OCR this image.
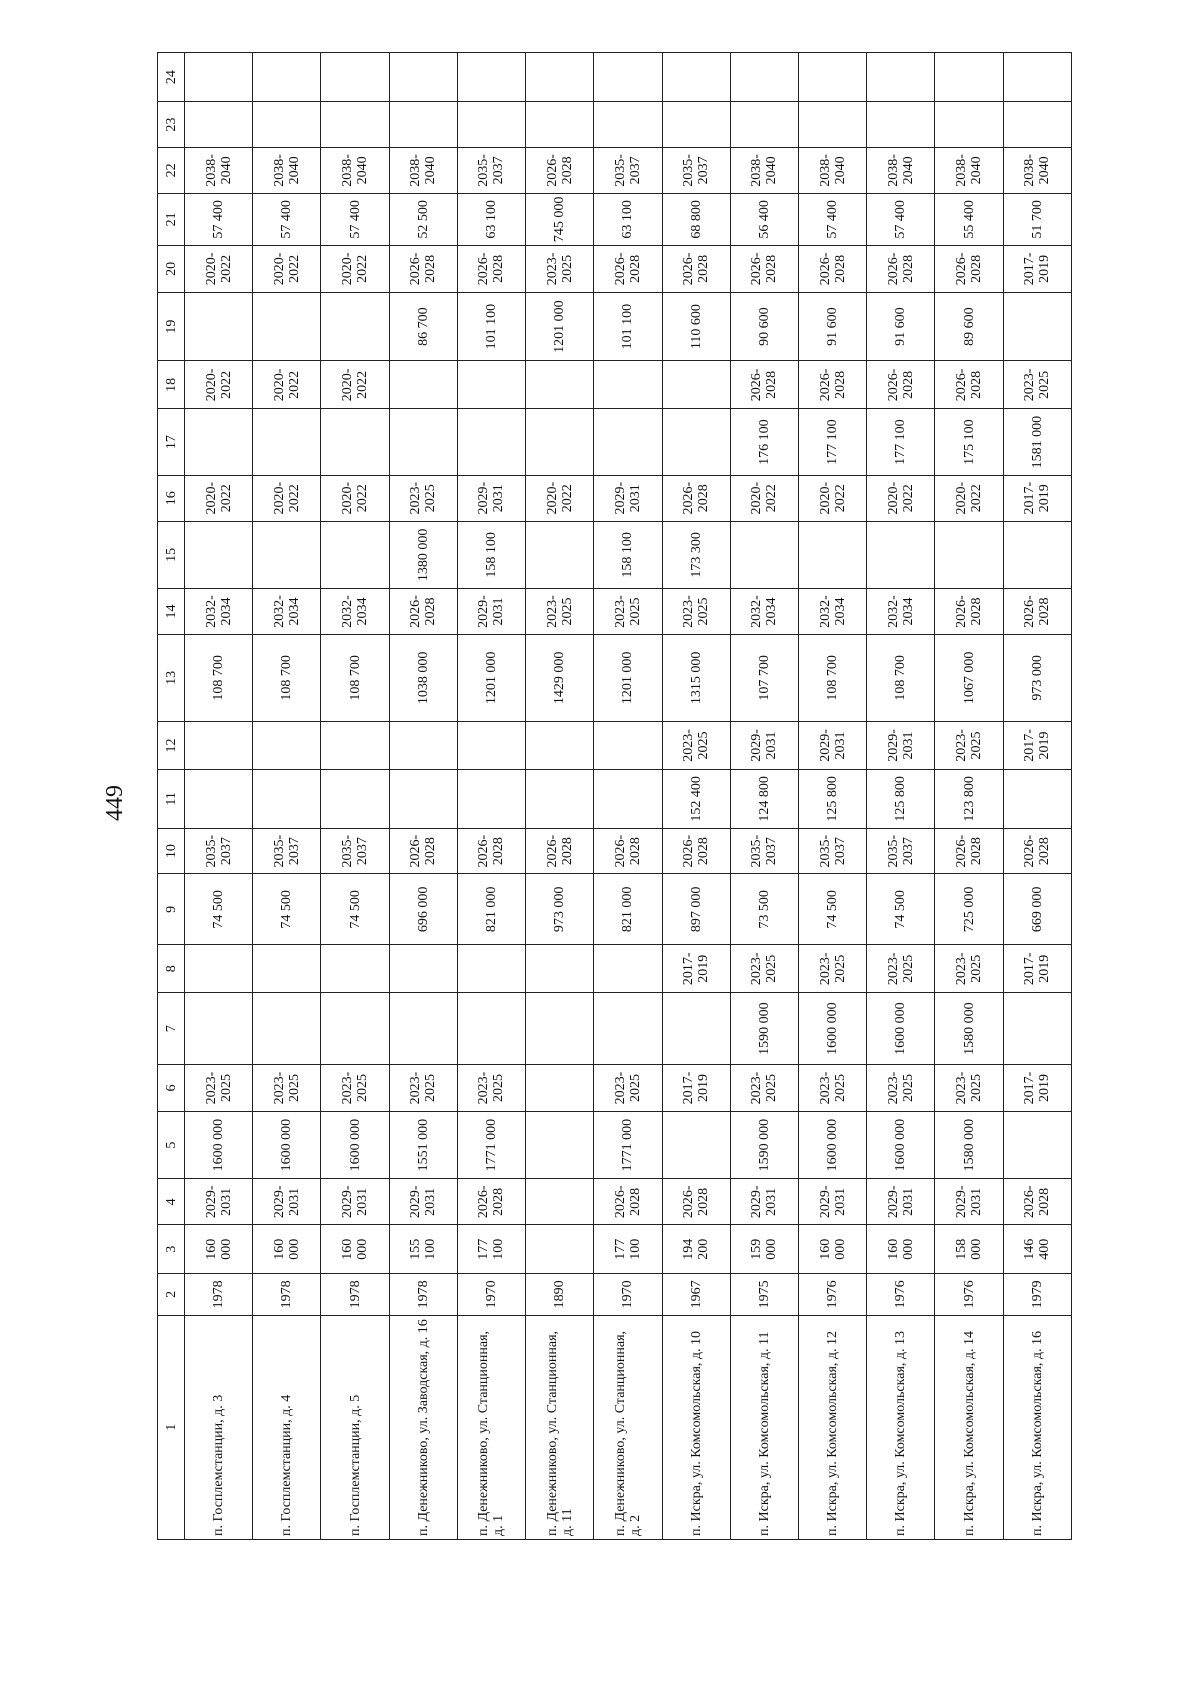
449
1	2	3	4	5	6	7	8	9	10	11	12	13	14	15	16	17	18	19	20	21	22	23	24
п. Госплемстанции, д. 3	1978	160 000	2029-2031	1600 000	2023-2025			74 500	2035-2037			108 700	2032-2034		2020-2022		2020-2022		2020-2022	57 400	2038-2040		
п. Госплемстанции, д. 4	1978	160 000	2029-2031	1600 000	2023-2025			74 500	2035-2037			108 700	2032-2034		2020-2022		2020-2022		2020-2022	57 400	2038-2040		
п. Госплемстанции, д. 5	1978	160 000	2029-2031	1600 000	2023-2025			74 500	2035-2037			108 700	2032-2034		2020-2022		2020-2022		2020-2022	57 400	2038-2040		
п. Денежниково, ул. Заводская, д. 16	1978	155 100	2029-2031	1551 000	2023-2025			696 000	2026-2028			1038 000	2026-2028	1380 000	2023-2025			86 700	2026-2028	52 500	2038-2040		
п. Денежниково, ул. Станционная, д. 1	1970	177 100	2026-2028	1771 000	2023-2025			821 000	2026-2028			1201 000	2029-2031	158 100	2029-2031			101 100	2026-2028	63 100	2035-2037		
п. Денежниково, ул. Станционная, д. 11	1890							973 000	2026-2028			1429 000	2023-2025		2020-2022			1201 000	2023-2025	745 000	2026-2028		
п. Денежниково, ул. Станционная, д. 2	1970	177 100	2026-2028	1771 000	2023-2025			821 000	2026-2028			1201 000	2023-2025	158 100	2029-2031			101 100	2026-2028	63 100	2035-2037		
п. Искра, ул. Комсомольская, д. 10	1967	194 200	2026-2028		2017-2019		2017-2019	897 000	2026-2028	152 400	2023-2025	1315 000	2023-2025	173 300	2026-2028			110 600	2026-2028	68 800	2035-2037		
п. Искра, ул. Комсомольская, д. 11	1975	159 000	2029-2031	1590 000	2023-2025	1590 000	2023-2025	73 500	2035-2037	124 800	2029-2031	107 700	2032-2034		2020-2022	176 100	2026-2028	90 600	2026-2028	56 400	2038-2040		
п. Искра, ул. Комсомольская, д. 12	1976	160 000	2029-2031	1600 000	2023-2025	1600 000	2023-2025	74 500	2035-2037	125 800	2029-2031	108 700	2032-2034		2020-2022	177 100	2026-2028	91 600	2026-2028	57 400	2038-2040		
п. Искра, ул. Комсомольская, д. 13	1976	160 000	2029-2031	1600 000	2023-2025	1600 000	2023-2025	74 500	2035-2037	125 800	2029-2031	108 700	2032-2034		2020-2022	177 100	2026-2028	91 600	2026-2028	57 400	2038-2040		
п. Искра, ул. Комсомольская, д. 14	1976	158 000	2029-2031	1580 000	2023-2025	1580 000	2023-2025	725 000	2026-2028	123 800	2023-2025	1067 000	2026-2028		2020-2022	175 100	2026-2028	89 600	2026-2028	55 400	2038-2040		
п. Искра, ул. Комсомольская, д. 16	1979	146 400	2026-2028		2017-2019		2017-2019	669 000	2026-2028		2017-2019	973 000	2026-2028		2017-2019	1581 000	2023-2025		2017-2019	51 700	2038-2040		
